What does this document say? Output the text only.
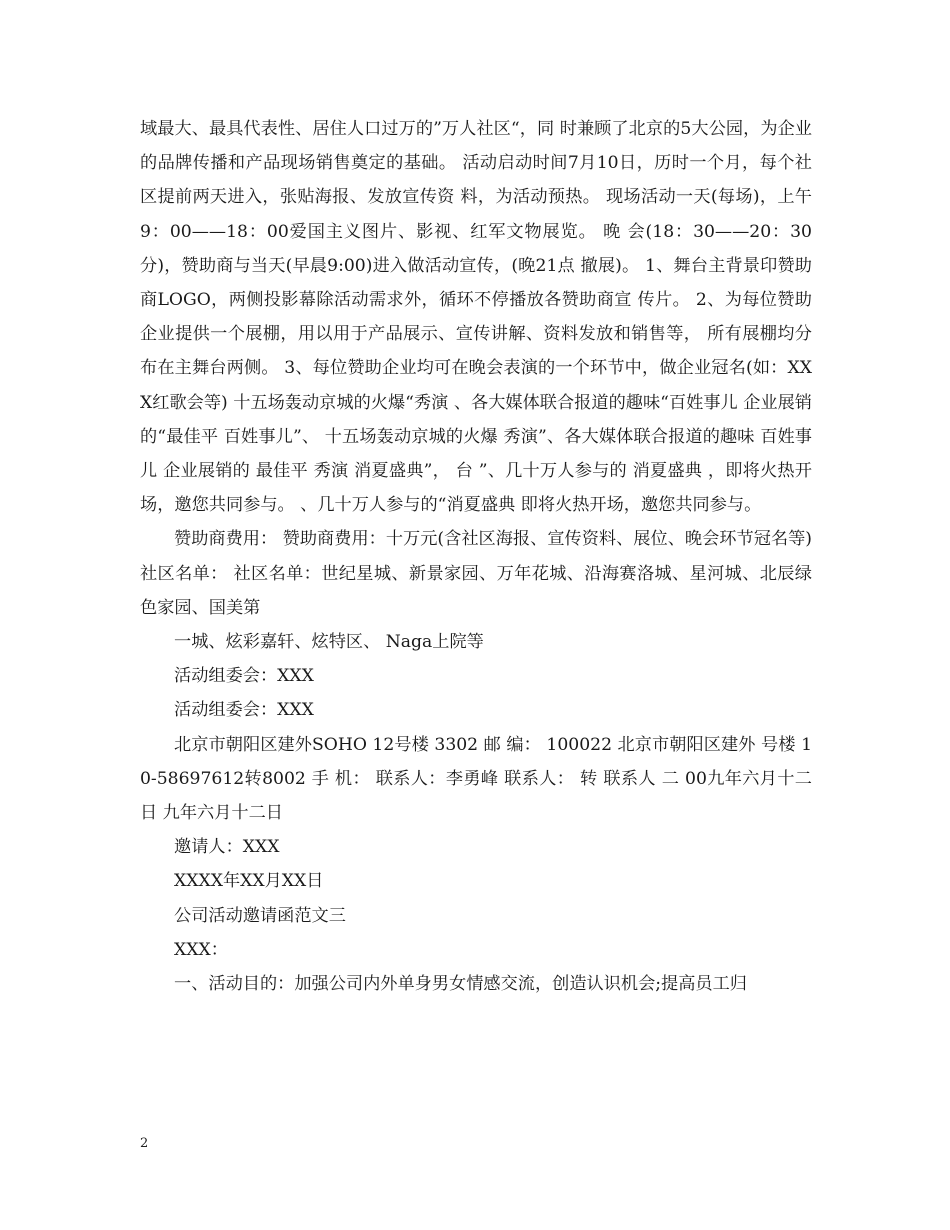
域最大、最具代表性、居住人口过万的”万人社区“，同 时兼顾了北京的5大公园，为企业的品牌传播和产品现场销售奠定的基础。 活动启动时间7月10日，历时一个月，每个社区提前两天进入，张贴海报、发放宣传资 料，为活动预热。 现场活动一天(每场)，上午9：00——18：00爱国主义图片、影视、红军文物展览。 晚 会(18：30——20：30分)，赞助商与当天(早晨9:00)进入做活动宣传，(晚21点 撤展)。 1、舞台主背景印赞助商LOGO，两侧投影幕除活动需求外，循环不停播放各赞助商宣 传片。 2、为每位赞助企业提供一个展棚，用以用于产品展示、宣传讲解、资料发放和销售等， 所有展棚均分布在主舞台两侧。 3、每位赞助企业均可在晚会表演的一个环节中，做企业冠名(如：XXX红歌会等) 十五场轰动京城的火爆“秀演 、各大媒体联合报道的趣味“百姓事儿 企业展销的“最佳平 百姓事儿”、 十五场轰动京城的火爆 秀演”、各大媒体联合报道的趣味 百姓事儿 企业展销的 最佳平 秀演 消夏盛典”， 台 ”、几十万人参与的 消夏盛典 ，即将火热开场，邀您共同参与。 、几十万人参与的“消夏盛典 即将火热开场，邀您共同参与。

赞助商费用： 赞助商费用：十万元(含社区海报、宣传资料、展位、晚会环节冠名等) 社区名单： 社区名单：世纪星城、新景家园、万年花城、沿海赛洛城、星河城、北辰绿色家园、国美第

一城、炫彩嘉轩、炫特区、 Naga上院等
活动组委会：XXX
活动组委会：XXX

北京市朝阳区建外SOHO 12号楼 3302 邮 编： 100022 北京市朝阳区建外 号楼 10-58697612转8002 手 机： 联系人：李勇峰 联系人： 转 联系人 二 00九年六月十二日 九年六月十二日

邀请人：XXX
XXXX年XX月XX日
公司活动邀请函范文三
XXX：
一、活动目的：加强公司内外单身男女情感交流，创造认识机会;提高员工归
2
